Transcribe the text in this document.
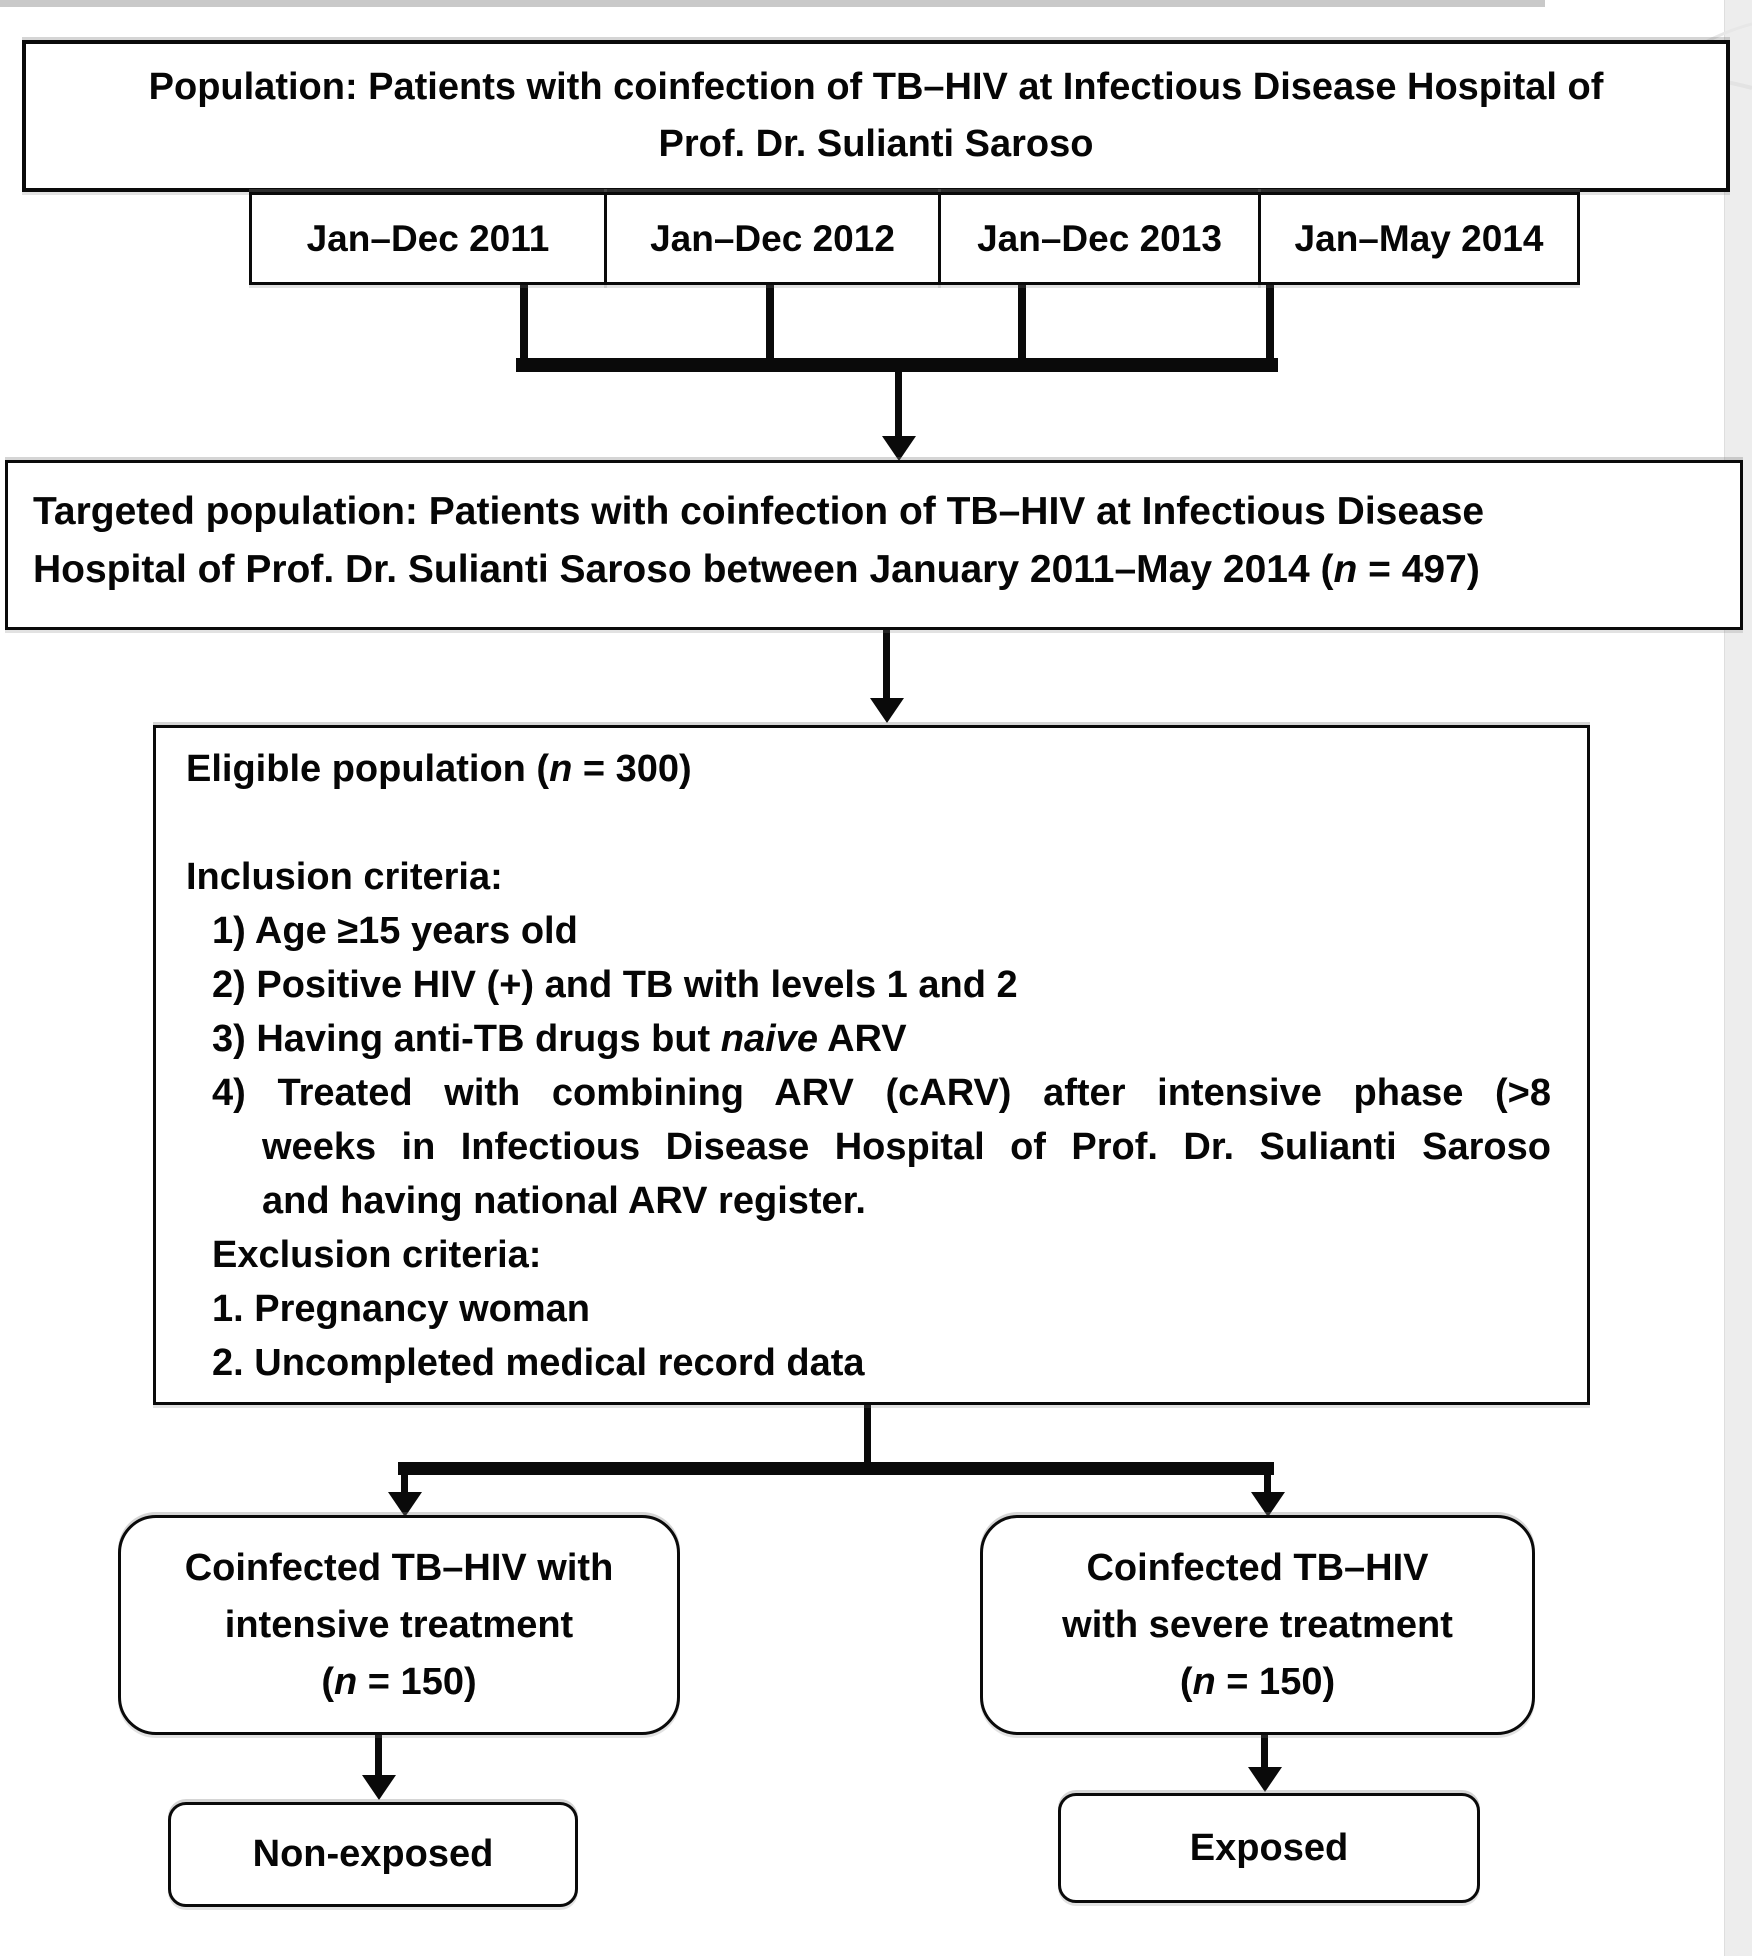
Population: Patients with coinfection of TB–HIV at Infectious Disease Hospital of
Prof. Dr. Sulianti Saroso
Jan–Dec 2011	Jan–Dec 2012 Jan–Dec 2013 Jan–May 2014
Targeted population: Patients with coinfection of TB–HIV at Infectious Disease
Hospital of Prof. Dr. Sulianti Saroso between January 2011–May 2014 (n = 497)
Eligible population (n = 300)
Inclusion criteria:
1) Age ≥15 years old
2) Positive HIV (+) and TB with levels 1 and 2
3) Having anti-TB drugs but naive ARV
4) Treated with combining ARV (cARV) after intensive phase (>8
weeks in Infectious Disease Hospital of Prof. Dr. Sulianti Saroso
and having national ARV register.
Exclusion criteria:
1. Pregnancy woman
2. Uncompleted medical record data
Coinfected TB–HIV with
intensive treatment
(n = 150)
Coinfected TB–HIV
with severe treatment
(n = 150)
Non-exposed	Exposed
